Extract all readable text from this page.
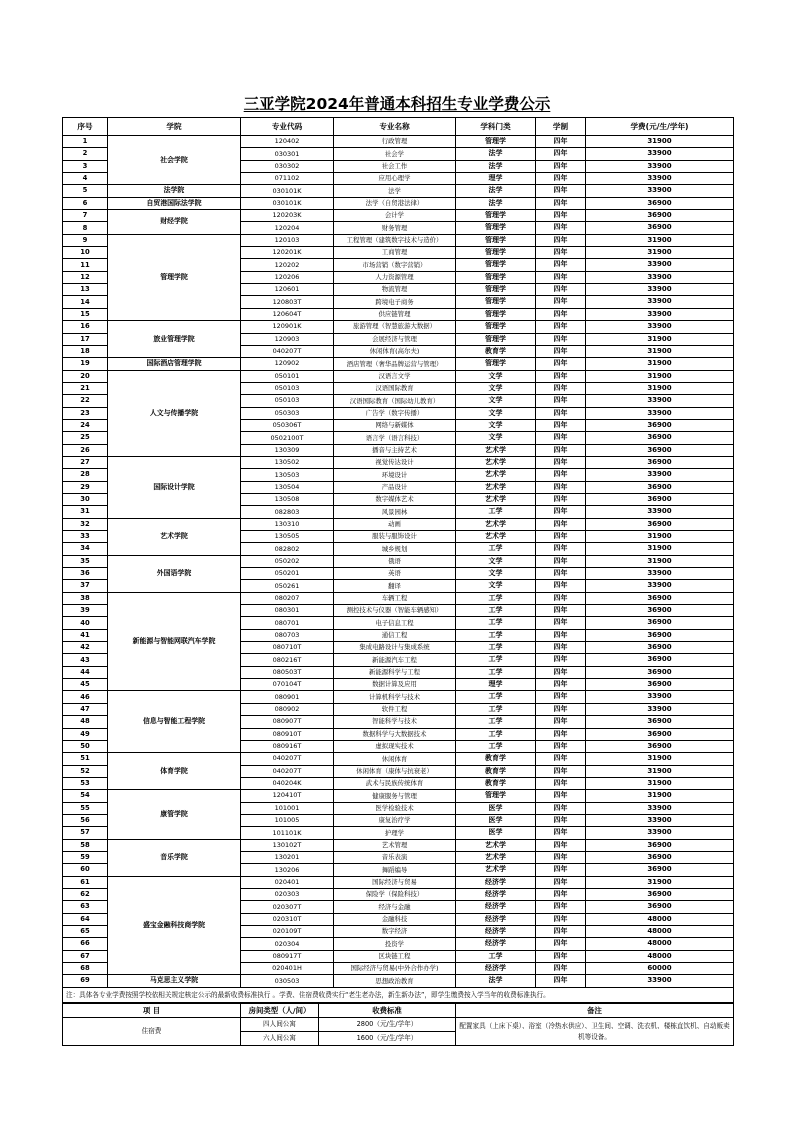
三亚学院2024年普通本科招生专业学费公示
序号	学院	专业代码	专业名称	学科门类	学制	学费(元/生/学年)
1	社会学院	120402	行政管理	管理学	四年	31900
2		030301	社会学	法学	四年	33900
3		030302	社会工作	法学	四年	33900
4		071102	应用心理学	理学	四年	33900
5	法学院	030101K	法学	法学	四年	33900
6	自贸港国际法学院	030101K	法学（自贸港法律）	法学	四年	36900
7	财经学院	120203K	会计学	管理学	四年	36900
8		120204	财务管理	管理学	四年	36900
9	管理学院	120103	工程管理（建筑数字技术与造价）	管理学	四年	31900
10		120201K	工商管理	管理学	四年	31900
11		120202	市场营销（数字营销）	管理学	四年	33900
12		120206	人力资源管理	管理学	四年	33900
13		120601	物流管理	管理学	四年	33900
14		120803T	跨境电子商务	管理学	四年	33900
15		120604T	供应链管理	管理学	四年	33900
16	旅业管理学院	120901K	旅游管理（智慧旅游大数据）	管理学	四年	33900
17		120903	会展经济与管理	管理学	四年	31900
18		040207T	休闲体育(高尔夫)	教育学	四年	31900
19	国际酒店管理学院	120902	酒店管理（奢华品牌运营与管理）	管理学	四年	31900
20	人文与传播学院	050101	汉语言文学	文学	四年	31900
21		050103	汉语国际教育	文学	四年	31900
22		050103	汉语国际教育（国际幼儿教育）	文学	四年	33900
23		050303	广告学（数字传播）	文学	四年	33900
24		050306T	网络与新媒体	文学	四年	36900
25		0502100T	语言学（语言科技）	文学	四年	36900
26		130309	播音与主持艺术	艺术学	四年	36900
27	国际设计学院	130502	视觉传达设计	艺术学	四年	36900
28		130503	环境设计	艺术学	四年	33900
29		130504	产品设计	艺术学	四年	36900
30		130508	数字媒体艺术	艺术学	四年	36900
31		082803	风景园林	工学	四年	33900
32	艺术学院	130310	动画	艺术学	四年	36900
33		130505	服装与服饰设计	艺术学	四年	31900
34		082802	城乡规划	工学	四年	31900
35	外国语学院	050202	俄语	文学	四年	31900
36		050201	英语	文学	四年	33900
37		050261	翻译	文学	四年	33900
38	新能源与智能网联汽车学院	080207	车辆工程	工学	四年	36900
39		080301	测控技术与仪器（智能车辆感知）	工学	四年	36900
40		080701	电子信息工程	工学	四年	36900
41		080703	通信工程	工学	四年	36900
42		080710T	集成电路设计与集成系统	工学	四年	36900
43		080216T	新能源汽车工程	工学	四年	36900
44		080503T	新能源科学与工程	工学	四年	36900
45		070104T	数据计算及应用	理学	四年	36900
46	信息与智能工程学院	080901	计算机科学与技术	工学	四年	33900
47		080902	软件工程	工学	四年	33900
48		080907T	智能科学与技术	工学	四年	36900
49		080910T	数据科学与大数据技术	工学	四年	36900
50		080916T	虚拟现实技术	工学	四年	36900
51	体育学院	040207T	休闲体育	教育学	四年	31900
52		040207T	休闲体育（康体与抗衰老）	教育学	四年	31900
53		040204K	武术与民族传统体育	教育学	四年	31900
54	康管学院	120410T	健康服务与管理	管理学	四年	31900
55		101001	医学检验技术	医学	四年	33900
56		101005	康复治疗学	医学	四年	33900
57		101101K	护理学	医学	四年	33900
58	音乐学院	130102T	艺术管理	艺术学	四年	36900
59		130201	音乐表演	艺术学	四年	36900
60		130206	舞蹈编导	艺术学	四年	36900
61	盛宝金融科技商学院	020401	国际经济与贸易	经济学	四年	31900
62		020303	保险学（保险科技）	经济学	四年	36900
63		020307T	经济与金融	经济学	四年	36900
64		020310T	金融科技	经济学	四年	48000
65		020109T	数字经济	经济学	四年	48000
66		020304	投资学	经济学	四年	48000
67		080917T	区块链工程	工学	四年	48000
68		020401H	国际经济与贸易(中外合作办学)	经济学	四年	60000
69	马克思主义学院	030503	思想政治教育	法学	四年	33900
注：具体各专业学费按照学校依相关规定核定公示的最新收费标准执行 。学费、住宿费收费实行“老生老办法，新生新办法”，即学生缴费按入学当年的收费标准执行。						
项 目	房间类型（人/间）	收费标准	备注
住宿费	四人间公寓	2800（元/生/学年）	配置家具（上床下桌）、浴室（冷热水供应）、卫生间、空调、洗衣机、楼栋直饮机、自动贩卖机等设备。
	六人间公寓	1600（元/生/学年）	
